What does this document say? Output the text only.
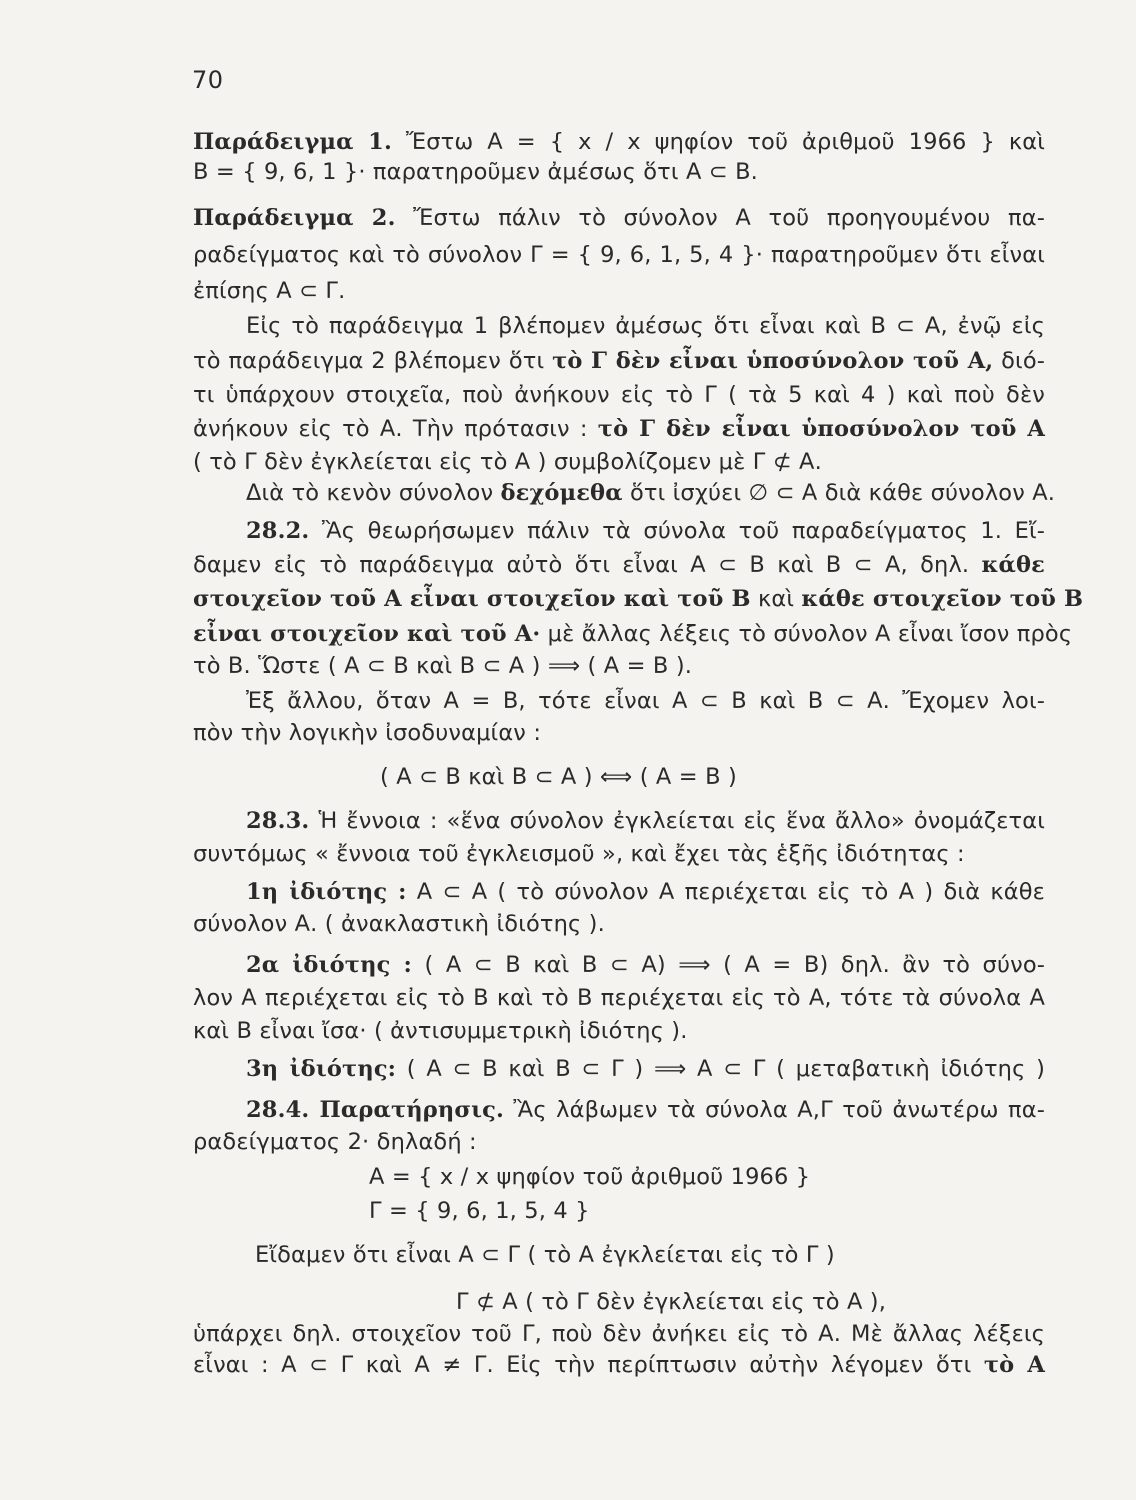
70
Παράδειγμα 1. Ἔστω Α = { x / x ψηφίον τοῦ ἀριθμοῦ 1966 } καὶ
Β = { 9, 6, 1 }· παρατηροῦμεν ἀμέσως ὅτι Α ⊂ Β.
Παράδειγμα 2. Ἔστω πάλιν τὸ σύνολον Α τοῦ προηγουμένου πα-
ραδείγματος καὶ τὸ σύνολον Γ = { 9, 6, 1, 5, 4 }· παρατηροῦμεν ὅτι εἶναι
ἐπίσης Α ⊂ Γ.
Εἰς τὸ παράδειγμα 1 βλέπομεν ἀμέσως ὅτι εἶναι καὶ Β ⊂ Α, ἐνῷ εἰς
τὸ παράδειγμα 2 βλέπομεν ὅτι τὸ Γ δὲν εἶναι ὑποσύνολον τοῦ Α, διό-
τι ὑπάρχουν στοιχεῖα, ποὺ ἀνήκουν εἰς τὸ Γ ( τὰ 5 καὶ 4 ) καὶ ποὺ δὲν
ἀνήκουν εἰς τὸ Α. Τὴν πρότασιν : τὸ Γ δὲν εἶναι ὑποσύνολον τοῦ Α
( τὸ Γ δὲν ἐγκλείεται εἰς τὸ Α ) συμβολίζομεν μὲ Γ ⊄ Α.
Διὰ τὸ κενὸν σύνολον δεχόμεθα ὅτι ἰσχύει ∅ ⊂ Α διὰ κάθε σύνολον Α.
28.2. Ἂς θεωρήσωμεν πάλιν τὰ σύνολα τοῦ παραδείγματος 1. Εἴ-
δαμεν εἰς τὸ παράδειγμα αὐτὸ ὅτι εἶναι Α ⊂ Β καὶ Β ⊂ Α, δηλ. κάθε
στοιχεῖον τοῦ Α εἶναι στοιχεῖον καὶ τοῦ Β καὶ κάθε στοιχεῖον τοῦ Β
εἶναι στοιχεῖον καὶ τοῦ Α· μὲ ἄλλας λέξεις τὸ σύνολον Α εἶναι ἴσον πρὸς
τὸ Β. Ὥστε ( Α ⊂ Β καὶ Β ⊂ Α ) ⟹ ( Α = Β ).
Ἐξ ἄλλου, ὅταν Α = Β, τότε εἶναι Α ⊂ Β καὶ Β ⊂ Α. Ἔχομεν λοι-
πὸν τὴν λογικὴν ἰσοδυναμίαν :
( Α ⊂ Β καὶ Β ⊂ Α ) ⟺ ( Α = Β )
28.3. Ἡ ἔννοια : «ἕνα σύνολον ἐγκλείεται εἰς ἕνα ἄλλο» ὀνομάζεται
συντόμως « ἔννοια τοῦ ἐγκλεισμοῦ », καὶ ἔχει τὰς ἑξῆς ἰδιότητας :
1η ἰδιότης : Α ⊂ Α ( τὸ σύνολον Α περιέχεται εἰς τὸ Α ) διὰ κάθε
σύνολον Α. ( ἀνακλαστικὴ ἰδιότης ).
2α ἰδιότης : ( Α ⊂ Β καὶ Β ⊂ Α) ⟹ ( Α = Β) δηλ. ἂν τὸ σύνο-
λον Α περιέχεται εἰς τὸ Β καὶ τὸ Β περιέχεται εἰς τὸ Α, τότε τὰ σύνολα Α
καὶ Β εἶναι ἴσα· ( ἀντισυμμετρικὴ ἰδιότης ).
3η ἰδιότης: ( Α ⊂ Β καὶ Β ⊂ Γ ) ⟹ Α ⊂ Γ ( μεταβατικὴ ἰδιότης )
28.4. Παρατήρησις. Ἂς λάβωμεν τὰ σύνολα Α,Γ τοῦ ἀνωτέρω πα-
ραδείγματος 2· δηλαδή :
Α = { x / x ψηφίον τοῦ ἀριθμοῦ 1966 }
Γ = { 9, 6, 1, 5, 4 }
Εἴδαμεν ὅτι εἶναι Α ⊂ Γ ( τὸ Α ἐγκλείεται εἰς τὸ Γ )
Γ ⊄ Α ( τὸ Γ δὲν ἐγκλείεται εἰς τὸ Α ),
ὑπάρχει δηλ. στοιχεῖον τοῦ Γ, ποὺ δὲν ἀνήκει εἰς τὸ Α. Μὲ ἄλλας λέξεις
εἶναι : Α ⊂ Γ καὶ Α ≠ Γ. Εἰς τὴν περίπτωσιν αὐτὴν λέγομεν ὅτι τὸ Α
